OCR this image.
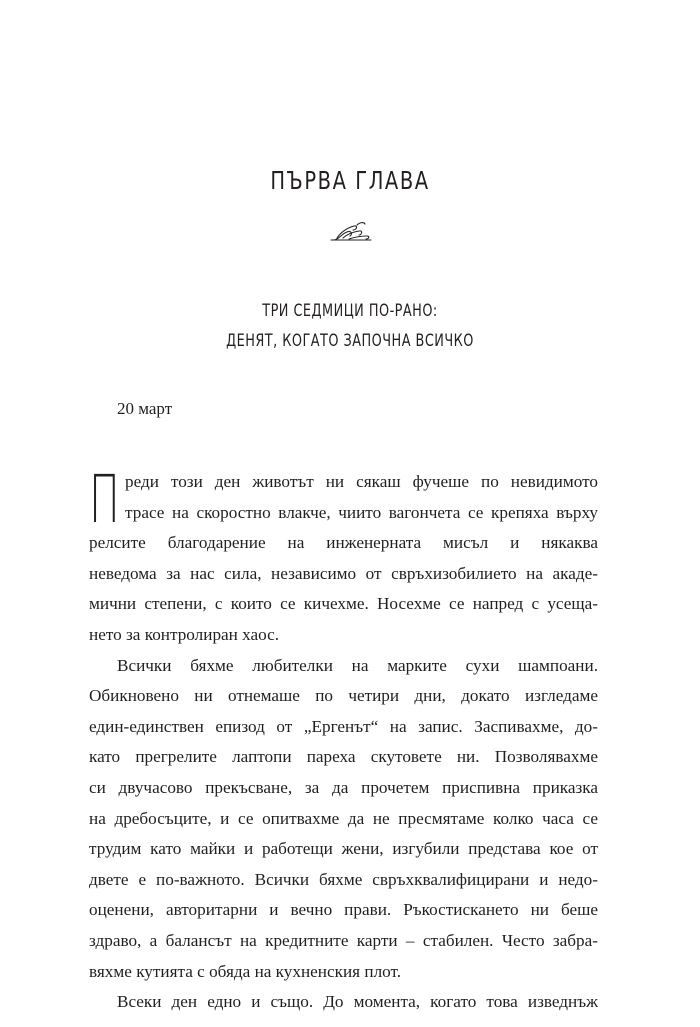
ПЪРВА ГЛАВА
ТРИ СЕДМИЦИ ПО-РАНО:
ДЕНЯТ, КОГАТО ЗАПОЧНА ВСИЧКО
20 март
П реди този ден животът ни сякаш фучеше по невидимото
трасе на скоростно влакче, чиито вагончета се крепяха върху
релсите благодарение на инженерната мисъл и някаква
неведома за нас сила, независимо от свръхизобилието на акаде-
мични степени, с които се кичехме. Носехме се напред с усеща-
нето за контролиран хаос.
Всички бяхме любителки на марките сухи шампоани.
Обикновено ни отнемаше по четири дни, докато изгледаме
един-единствен епизод от „Ергенът“ на запис. Заспивахме, до-
като прегрелите лаптопи пареха скутовете ни. Позволявахме
си двучасово прекъсване, за да прочетем приспивна приказка
на дребосъците, и се опитвахме да не пресмятаме колко часа се
трудим като майки и работещи жени, изгубили представа кое от
двете е по-важното. Всички бяхме свръхквалифицирани и недо-
оценени, авторитарни и вечно прави. Ръкостискането ни беше
здраво, а балансът на кредитните карти – стабилен. Често забра-
вяхме кутията с обяда на кухненския плот.
Всеки ден едно и също. До момента, когато това изведнъж
